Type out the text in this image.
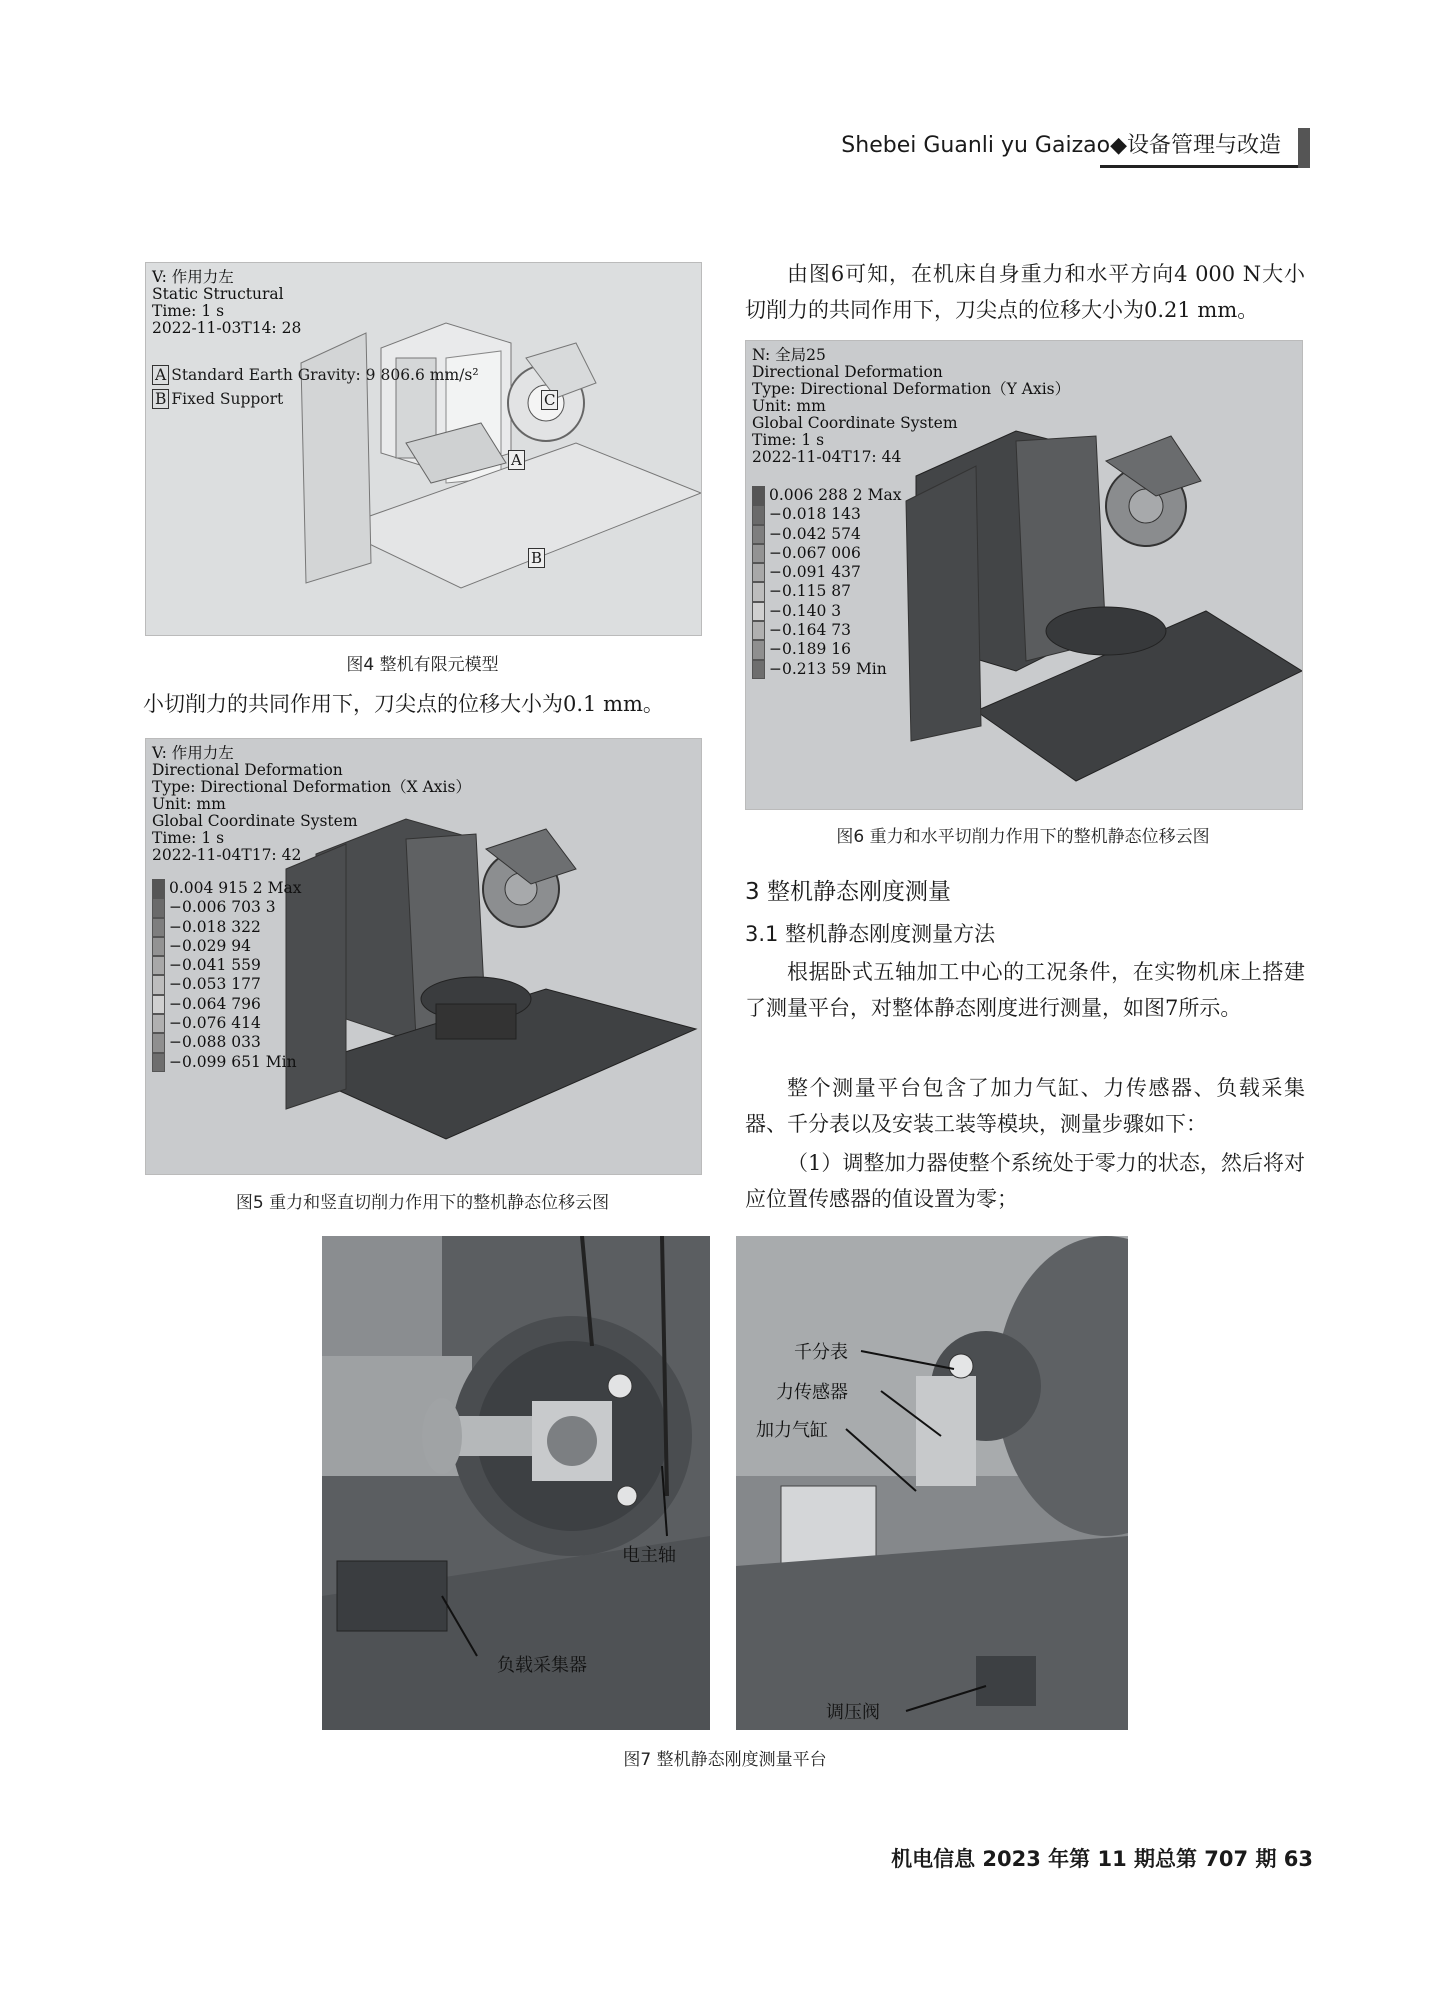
Shebei Guanli yu Gaizao◆设备管理与改造
V: 作用力左
Static Structural
Time: 1 s
2022-11-03T14: 28
A Standard Earth Gravity: 9 806.6 mm/s²
B Fixed Support
A
B
C
图4 整机有限元模型
小切削力的共同作用下，刀尖点的位移大小为0.1 mm。
V: 作用力左
Directional Deformation
Type: Directional Deformation（X Axis）
Unit: mm
Global Coordinate System
Time: 1 s
2022-11-04T17: 42
0.004 915 2 Max
−0.006 703 3
−0.018 322
−0.029 94
−0.041 559
−0.053 177
−0.064 796
−0.076 414
−0.088 033
−0.099 651 Min
图5 重力和竖直切削力作用下的整机静态位移云图
由图6可知，在机床自身重力和水平方向4 000 N大小切削力的共同作用下，刀尖点的位移大小为0.21 mm。
N: 全局25
Directional Deformation
Type: Directional Deformation（Y Axis）
Unit: mm
Global Coordinate System
Time: 1 s
2022-11-04T17: 44
0.006 288 2 Max
−0.018 143
−0.042 574
−0.067 006
−0.091 437
−0.115 87
−0.140 3
−0.164 73
−0.189 16
−0.213 59 Min
图6 重力和水平切削力作用下的整机静态位移云图
3 整机静态刚度测量
3.1 整机静态刚度测量方法
根据卧式五轴加工中心的工况条件，在实物机床上搭建了测量平台，对整体静态刚度进行测量，如图7所示。
整个测量平台包含了加力气缸、力传感器、负载采集器、千分表以及安装工装等模块，测量步骤如下：
（1）调整加力器使整个系统处于零力的状态，然后将对应位置传感器的值设置为零；
电主轴
负载采集器
千分表
力传感器
加力气缸
调压阀
图7 整机静态刚度测量平台
机电信息 2023 年第 11 期总第 707 期 63
